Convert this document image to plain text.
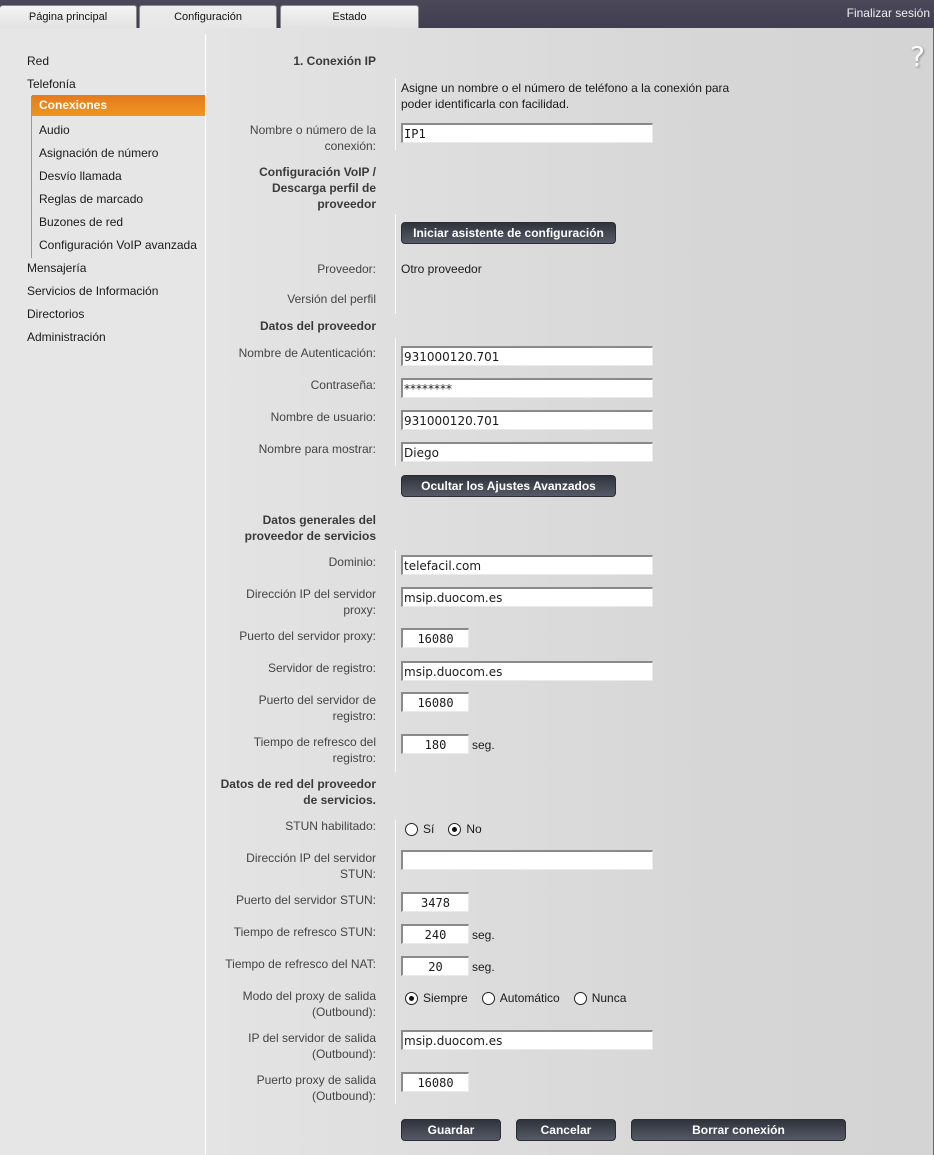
Página principal	Configuración	Estado	Finalizar sesión
Red
Telefonía
Conexiones
Audio
Asignación de número
Desvío llamada
Reglas de marcado
Buzones de red
Configuración VoIP avanzada
Mensajería
Servicios de Información
Directorios
Administración
?
1. Conexión IP
Asigne un nombre o el número de teléfono a la conexión para poder identificarla con facilidad.
Nombre o número de la conexión:
IP1
Configuración VoIP / Descarga perfil de proveedor
Iniciar asistente de configuración
Proveedor: Otro proveedor
Versión del perfil
Datos del proveedor
Nombre de Autenticación:
931000120.701
Contraseña:
********
Nombre de usuario:
931000120.701
Nombre para mostrar:
Diego
Ocultar los Ajustes Avanzados
Datos generales del proveedor de servicios
Dominio:
telefacil.com
Dirección IP del servidor proxy:
msip.duocom.es
Puerto del servidor proxy:
16080
Servidor de registro:
msip.duocom.es
Puerto del servidor de registro:
16080
Tiempo de refresco del registro:
180
seg.
Datos de red del proveedor de servicios.
STUN habilitado:	Sí	No
Dirección IP del servidor STUN:
Puerto del servidor STUN:
3478
Tiempo de refresco STUN:
240	seg.
Tiempo de refresco del NAT:
20	seg.
Modo del proxy de salida (Outbound):
Siempre	Automático	Nunca
IP del servidor de salida (Outbound):
msip.duocom.es
Puerto proxy de salida (Outbound):
16080
Guardar	Cancelar	Borrar conexión
